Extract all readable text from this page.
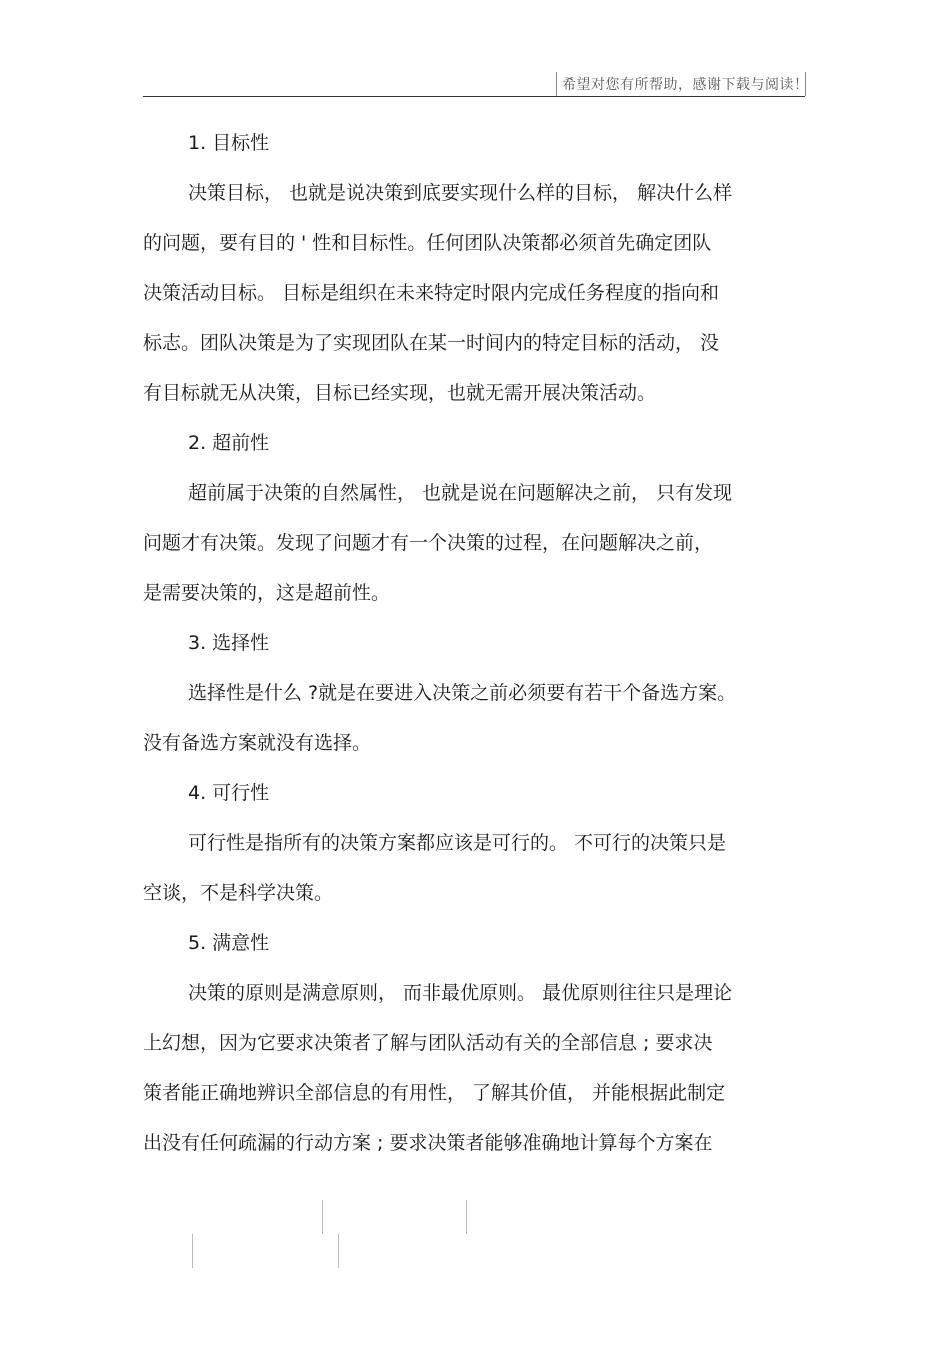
希望对您有所帮助，感谢下载与阅读！
1. 目标性
决策目标， 也就是说决策到底要实现什么样的目标， 解决什么样
的问题，要有目的 ' 性和目标性。任何团队决策都必须首先确定团队
决策活动目标。 目标是组织在未来特定时限内完成任务程度的指向和
标志。团队决策是为了实现团队在某一时间内的特定目标的活动， 没
有目标就无从决策，目标已经实现，也就无需开展决策活动。
2. 超前性
超前属于决策的自然属性， 也就是说在问题解决之前， 只有发现
问题才有决策。发现了问题才有一个决策的过程，在问题解决之前，
是需要决策的，这是超前性。
3. 选择性
选择性是什么 ?就是在要进入决策之前必须要有若干个备选方案。
没有备选方案就没有选择。
4. 可行性
可行性是指所有的决策方案都应该是可行的。 不可行的决策只是
空谈，不是科学决策。
5. 满意性
决策的原则是满意原则， 而非最优原则。 最优原则往往只是理论
上幻想，因为它要求决策者了解与团队活动有关的全部信息 ; 要求决
策者能正确地辨识全部信息的有用性， 了解其价值， 并能根据此制定
出没有任何疏漏的行动方案 ; 要求决策者能够准确地计算每个方案在
